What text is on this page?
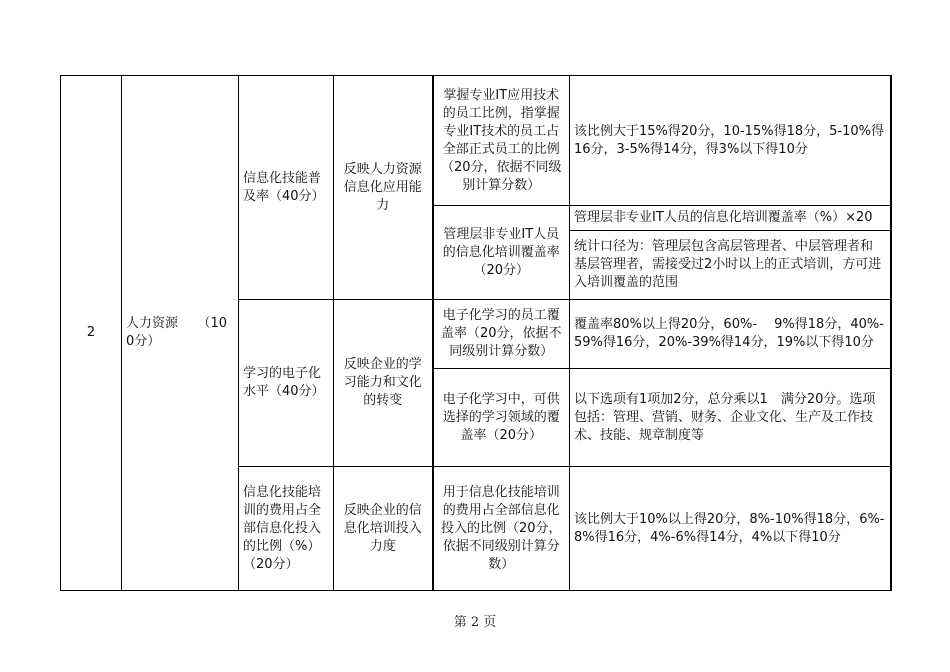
2	人力资源　　（100分）	信息化技能普及率（40分）	反映人力资源信息化应用能力	掌握专业IT应用技术的员工比例，指掌握专业IT技术的员工占全部正式员工的比例（20分，依据不同级别计算分数）	该比例大于15%得20分，10-15%得18分，5-10%得16分，3-5%得14分，得3%以下得10分
				管理层非专业IT人员的信息化培训覆盖率（20分）	管理层非专业IT人员的信息化培训覆盖率（%）×20
					统计口径为：管理层包含高层管理者、中层管理者和基层管理者，需接受过2小时以上的正式培训，方可进入培训覆盖的范围
		学习的电子化水平（40分）	反映企业的学习能力和文化的转变	电子化学习的员工覆盖率（20分，依据不同级别计算分数）	覆盖率80%以上得20分，60%-　 9%得18分，40%-59%得16分，20%-39%得14分，19%以下得10分
				电子化学习中，可供选择的学习领域的覆盖率（20分）	以下选项有1项加2分，总分乘以1　满分20分。选项包括：管理、营销、财务、企业文化、生产及工作技术、技能、规章制度等
		信息化技能培训的费用占全部信息化投入的比例（%）（20分）	反映企业的信息化培训投入力度	用于信息化技能培训的费用占全部信息化投入的比例（20分，依据不同级别计算分数）	该比例大于10%以上得20分，8%-10%得18分，6%-8%得16分，4%-6%得14分，4%以下得10分
第 2 页
